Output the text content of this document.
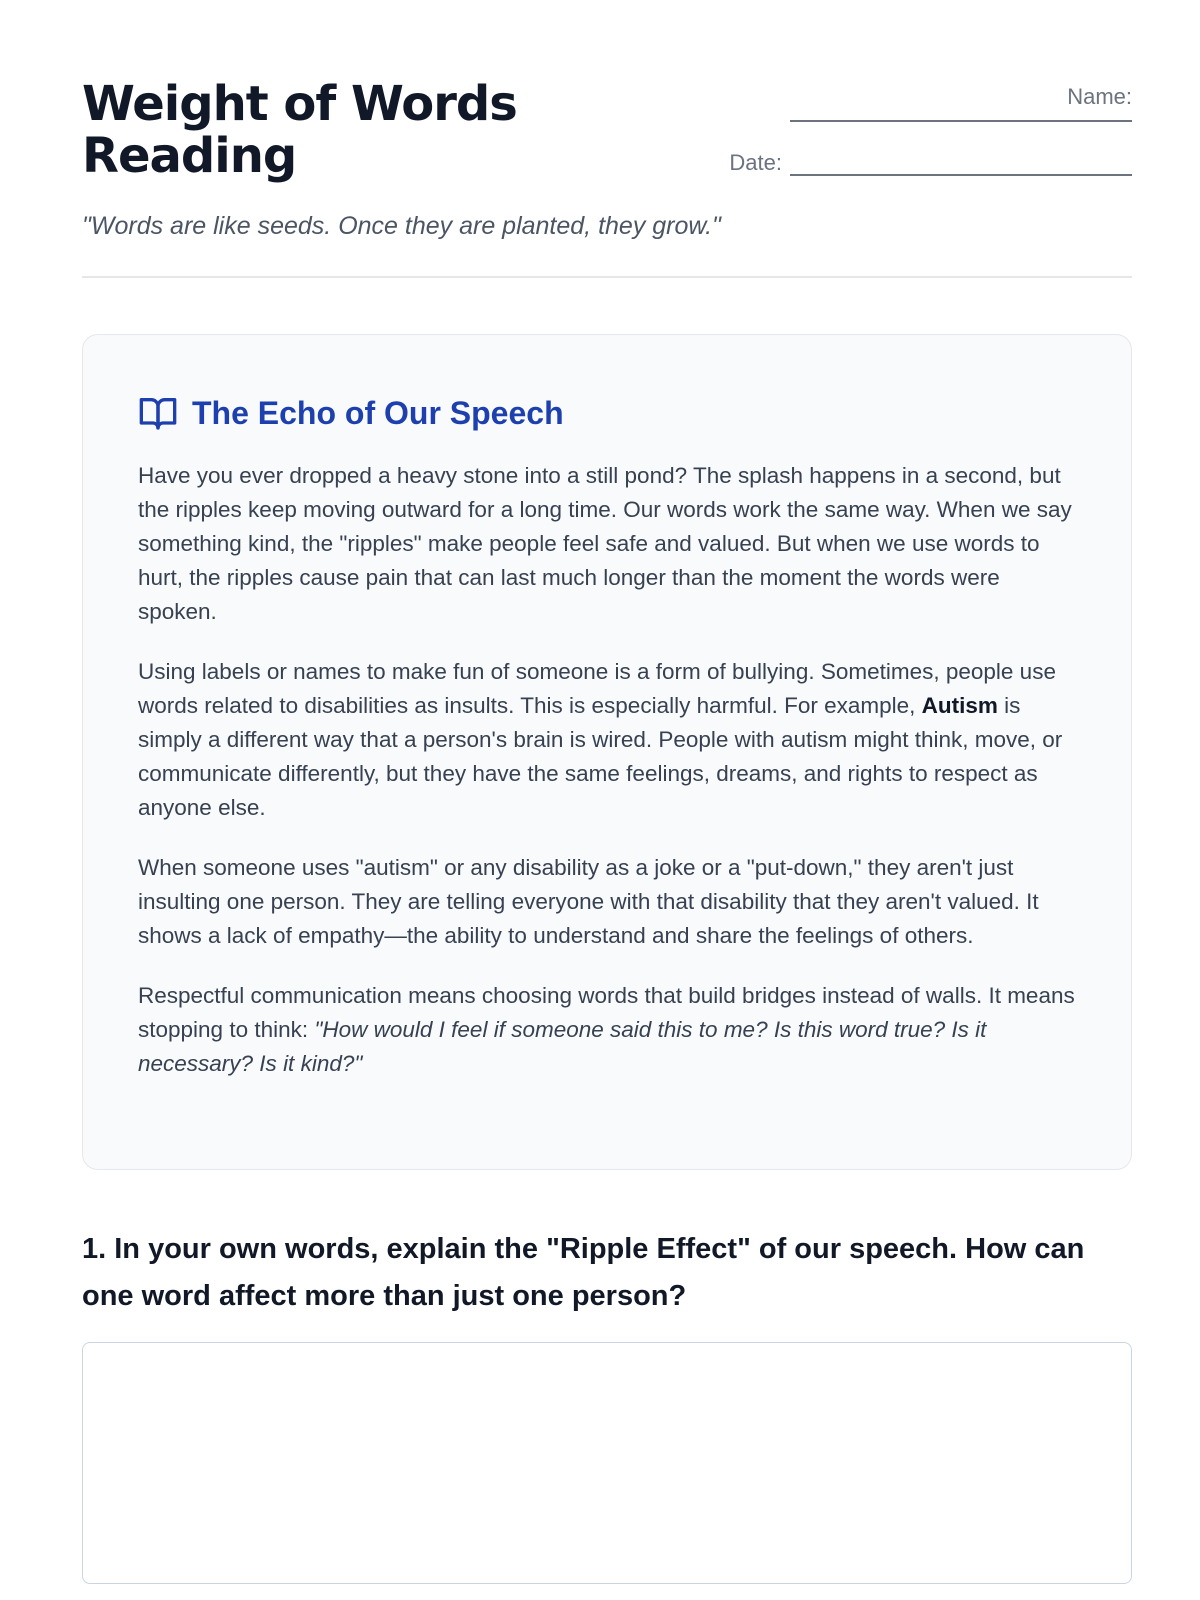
Weight of Words
Reading
Name:
Date:

"Words are like seeds. Once they are planted, they grow."

The Echo of Our Speech

Have you ever dropped a heavy stone into a still pond? The splash happens in a second, but the ripples keep moving outward for a long time. Our words work the same way. When we say something kind, the "ripples" make people feel safe and valued. But when we use words to hurt, the ripples cause pain that can last much longer than the moment the words were spoken.

Using labels or names to make fun of someone is a form of bullying. Sometimes, people use words related to disabilities as insults. This is especially harmful. For example, Autism is simply a different way that a person's brain is wired. People with autism might think, move, or communicate differently, but they have the same feelings, dreams, and rights to respect as anyone else.

When someone uses "autism" or any disability as a joke or a "put-down," they aren't just insulting one person. They are telling everyone with that disability that they aren't valued. It shows a lack of empathy—the ability to understand and share the feelings of others.

Respectful communication means choosing words that build bridges instead of walls. It means stopping to think: "How would I feel if someone said this to me? Is this word true? Is it necessary? Is it kind?"

1. In your own words, explain the "Ripple Effect" of our speech. How can one word affect more than just one person?
